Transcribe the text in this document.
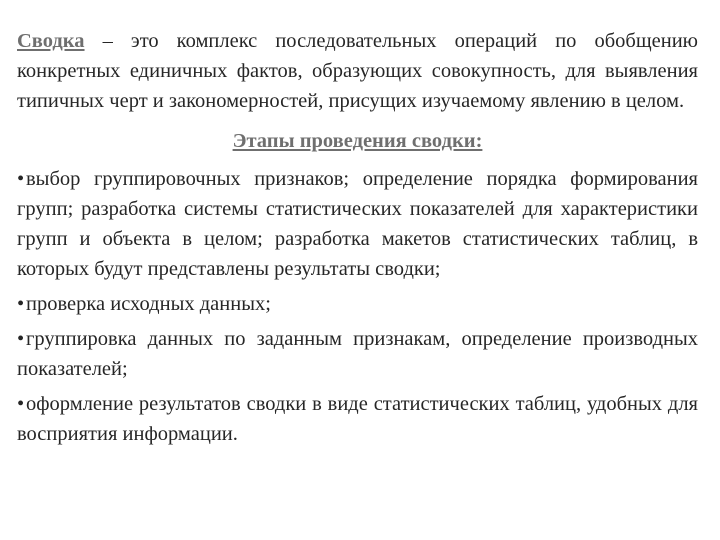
Сводка – это комплекс последовательных операций по обобщению конкретных единичных фактов, образующих совокупность, для выявления типичных черт и закономерностей, присущих изучаемому явлению в целом.

Этапы проведения сводки:
•выбор группировочных признаков; определение порядка формирования групп; разработка системы статистических показателей для характеристики групп и объекта в целом; разработка макетов статистических таблиц, в которых будут представлены результаты сводки;
•проверка исходных данных;
•группировка данных по заданным признакам, определение производных показателей;
•оформление результатов сводки в виде статистических таблиц, удобных для восприятия информации.
